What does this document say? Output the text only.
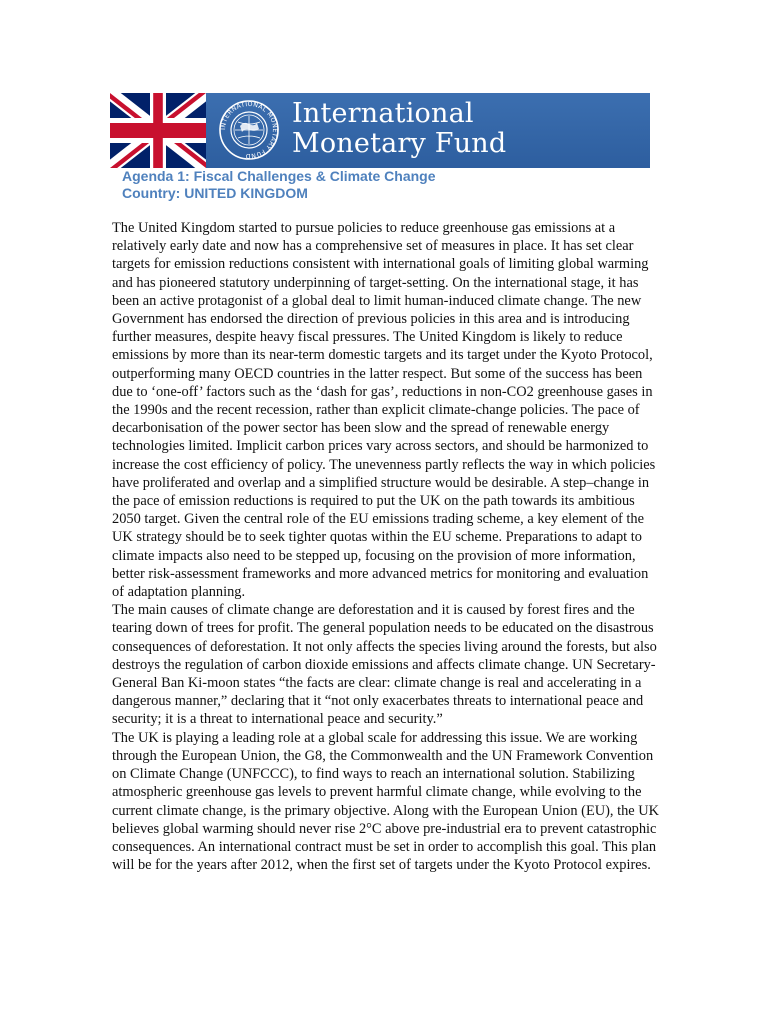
INTERNATIONAL MONETARY FUND
International
Monetary Fund
Agenda 1: Fiscal Challenges & Climate Change
Country: UNITED KINGDOM

The United Kingdom started to pursue policies to reduce greenhouse gas emissions at a relatively early date and now has a comprehensive set of measures in place. It has set clear targets for emission reductions consistent with international goals of limiting global warming and has pioneered statutory underpinning of target-setting. On the international stage, it has been an active protagonist of a global deal to limit human-induced climate change. The new Government has endorsed the direction of previous policies in this area and is introducing further measures, despite heavy fiscal pressures. The United Kingdom is likely to reduce emissions by more than its near-term domestic targets and its target under the Kyoto Protocol, outperforming many OECD countries in the latter respect. But some of the success has been due to ‘one-off’ factors such as the ‘dash for gas’, reductions in non-CO2 greenhouse gases in the 1990s and the recent recession, rather than explicit climate-change policies. The pace of decarbonisation of the power sector has been slow and the spread of renewable energy technologies limited. Implicit carbon prices vary across sectors, and should be harmonized to increase the cost efficiency of policy. The unevenness partly reflects the way in which policies have proliferated and overlap and a simplified structure would be desirable. A step–change in the pace of emission reductions is required to put the UK on the path towards its ambitious 2050 target. Given the central role of the EU emissions trading scheme, a key element of the UK strategy should be to seek tighter quotas within the EU scheme. Preparations to adapt to climate impacts also need to be stepped up, focusing on the provision of more information, better risk-assessment frameworks and more advanced metrics for monitoring and evaluation of adaptation planning.

The main causes of climate change are deforestation and it is caused by forest fires and the tearing down of trees for profit. The general population needs to be educated on the disastrous consequences of deforestation. It not only affects the species living around the forests, but also destroys the regulation of carbon dioxide emissions and affects climate change. UN Secretary-General Ban Ki-moon states “the facts are clear: climate change is real and accelerating in a dangerous manner,” declaring that it “not only exacerbates threats to international peace and security; it is a threat to international peace and security.”

The UK is playing a leading role at a global scale for addressing this issue. We are working through the European Union, the G8, the Commonwealth and the UN Framework Convention on Climate Change (UNFCCC), to find ways to reach an international solution. Stabilizing atmospheric greenhouse gas levels to prevent harmful climate change, while evolving to the current climate change, is the primary objective. Along with the European Union (EU), the UK believes global warming should never rise 2°C above pre-industrial era to prevent catastrophic consequences. An international contract must be set in order to accomplish this goal. This plan will be for the years after 2012, when the first set of targets under the Kyoto Protocol expires.
